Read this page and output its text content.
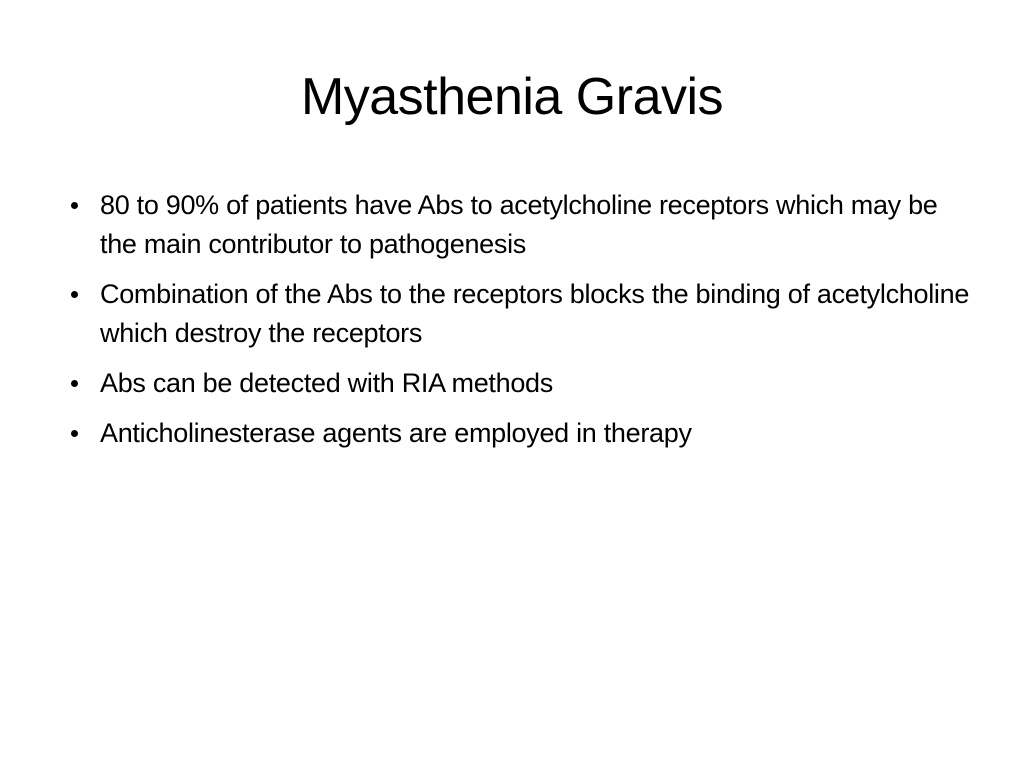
Myasthenia Gravis
80 to 90% of patients have Abs to acetylcholine receptors which may be the main contributor to pathogenesis
Combination of the Abs to the receptors blocks the binding of acetylcholine which destroy the receptors
Abs can be detected with RIA methods
Anticholinesterase agents are employed in therapy
